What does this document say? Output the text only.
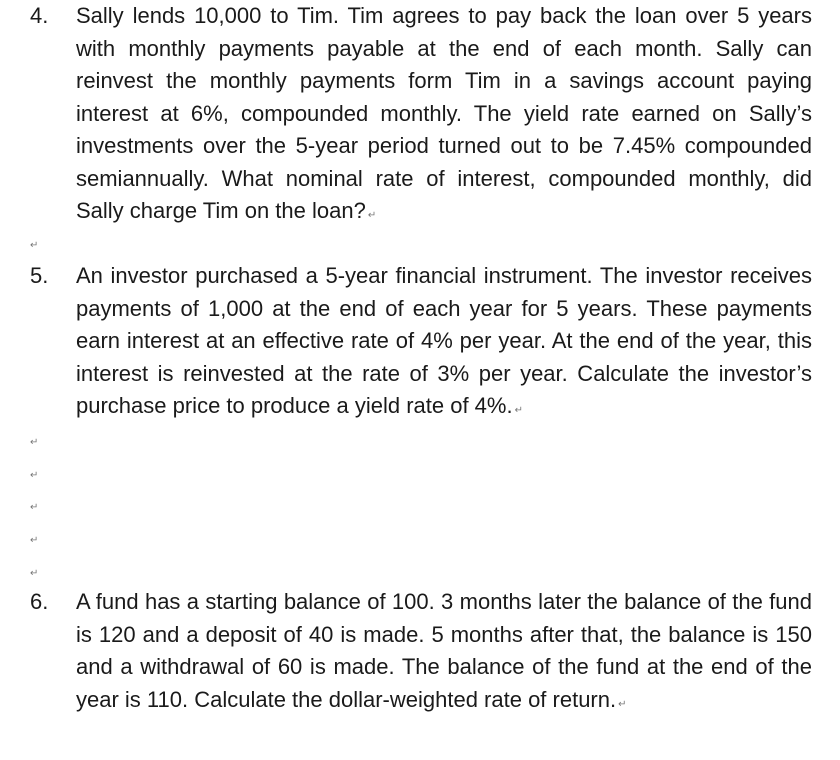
4. Sally lends 10,000 to Tim. Tim agrees to pay back the loan over 5 years with monthly payments payable at the end of each month. Sally can reinvest the monthly payments form Tim in a savings account paying interest at 6%, compounded monthly. The yield rate earned on Sally’s investments over the 5-year period turned out to be 7.45% compounded semiannually. What nominal rate of interest, compounded monthly, did Sally charge Tim on the loan? ↵
↵
5. An investor purchased a 5-year financial instrument. The investor receives payments of 1,000 at the end of each year for 5 years. These payments earn interest at an effective rate of 4% per year. At the end of the year, this interest is reinvested at the rate of 3% per year. Calculate the investor’s purchase price to produce a yield rate of 4%. ↵
↵
↵
↵
↵
↵
6. A fund has a starting balance of 100. 3 months later the balance of the fund is 120 and a deposit of 40 is made. 5 months after that, the balance is 150 and a withdrawal of 60 is made. The balance of the fund at the end of the year is 110. Calculate the dollar-weighted rate of return. ↵
